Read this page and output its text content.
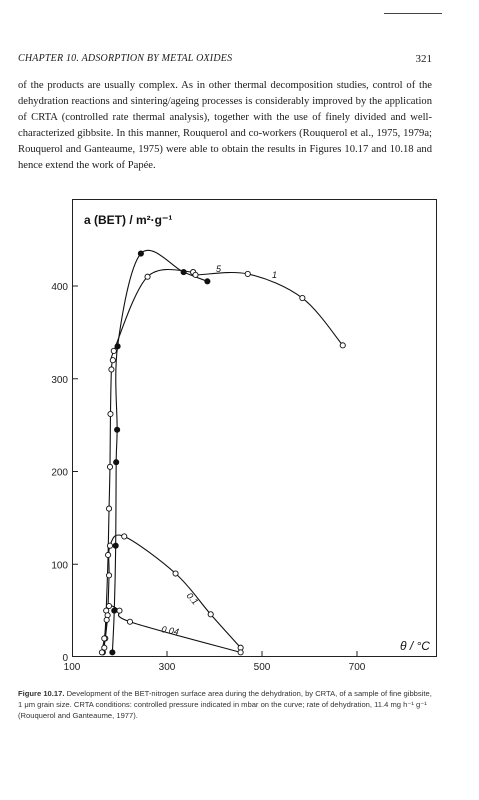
CHAPTER 10. ADSORPTION BY METAL OXIDES	321

of the products are usually complex. As in other thermal decomposition studies, control of the dehydration reactions and sintering/ageing processes is considerably improved by the application of CRTA (controlled rate thermal analysis), together with the use of finely divided and well-characterized gibbsite. In this manner, Rouquerol and co-workers (Rouquerol et al., 1975, 1979a; Rouquerol and Ganteaume, 1975) were able to obtain the results in Figures 10.17 and 10.18 and hence extend the work of Papée.

0
100
200
300
400
100	300	500	700
a (BET) / m²·g⁻¹
θ / °C
5
1
0.1
0.04
Figure 10.17. Development of the BET-nitrogen surface area during the dehydration, by CRTA, of a sample of fine gibbsite, 1 μm grain size. CRTA conditions: controlled pressure indicated in mbar on the curve; rate of dehydration, 11.4 mg h⁻¹ g⁻¹ (Rouquerol and Ganteaume, 1977).
